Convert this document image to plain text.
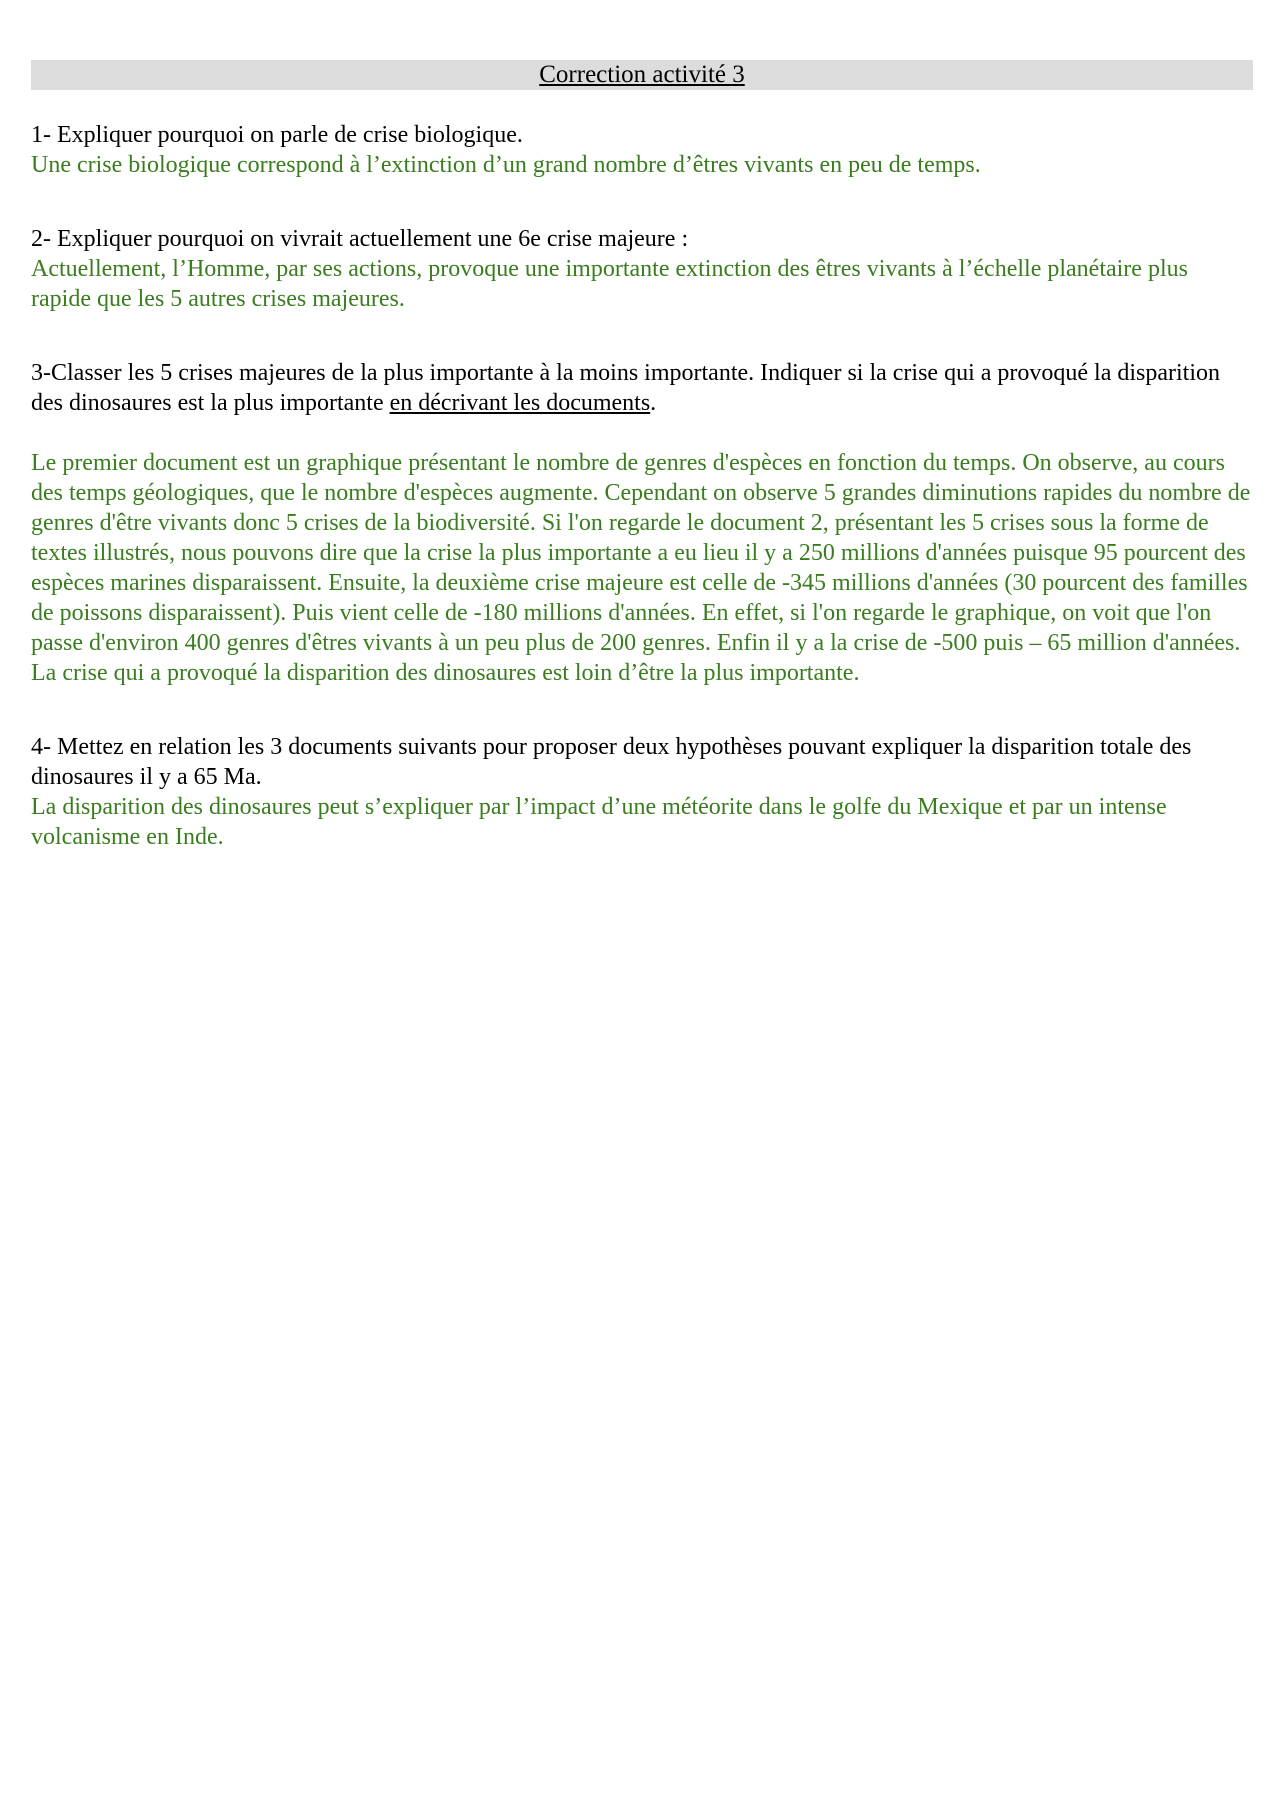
Correction activité 3

1- Expliquer pourquoi on parle de crise biologique.

Une crise biologique correspond à l’extinction d’un grand nombre d’êtres vivants en peu de temps.

2- Expliquer pourquoi on vivrait actuellement une 6e crise majeure :

Actuellement, l’Homme, par ses actions, provoque une importante extinction des êtres vivants à l’échelle planétaire plus rapide que les 5 autres crises majeures.

3-Classer les 5 crises majeures de la plus importante à la moins importante. Indiquer si la crise qui a provoqué la disparition des dinosaures est la plus importante en décrivant les documents.

Le premier document est un graphique présentant le nombre de genres d'espèces en fonction du temps. On observe, au cours des temps géologiques, que le nombre d'espèces augmente. Cependant on observe 5 grandes diminutions rapides du nombre de genres d'être vivants donc 5 crises de la biodiversité. Si l'on regarde le document 2, présentant les 5 crises sous la forme de textes illustrés, nous pouvons dire que la crise la plus importante a eu lieu il y a 250 millions d'années puisque 95 pourcent des espèces marines disparaissent. Ensuite, la deuxième crise majeure est celle de -345 millions d'années (30 pourcent des familles de poissons disparaissent). Puis vient celle de -180 millions d'années. En effet, si l'on regarde le graphique, on voit que l'on passe d'environ 400 genres d'êtres vivants à un peu plus de 200 genres. Enfin il y a la crise de -500 puis – 65 million d'années. La crise qui a provoqué la disparition des dinosaures est loin d’être la plus importante.

4- Mettez en relation les 3 documents suivants pour proposer deux hypothèses pouvant expliquer la disparition totale des dinosaures il y a 65 Ma.

La disparition des dinosaures peut s’expliquer par l’impact d’une météorite dans le golfe du Mexique et par un intense volcanisme en Inde.
